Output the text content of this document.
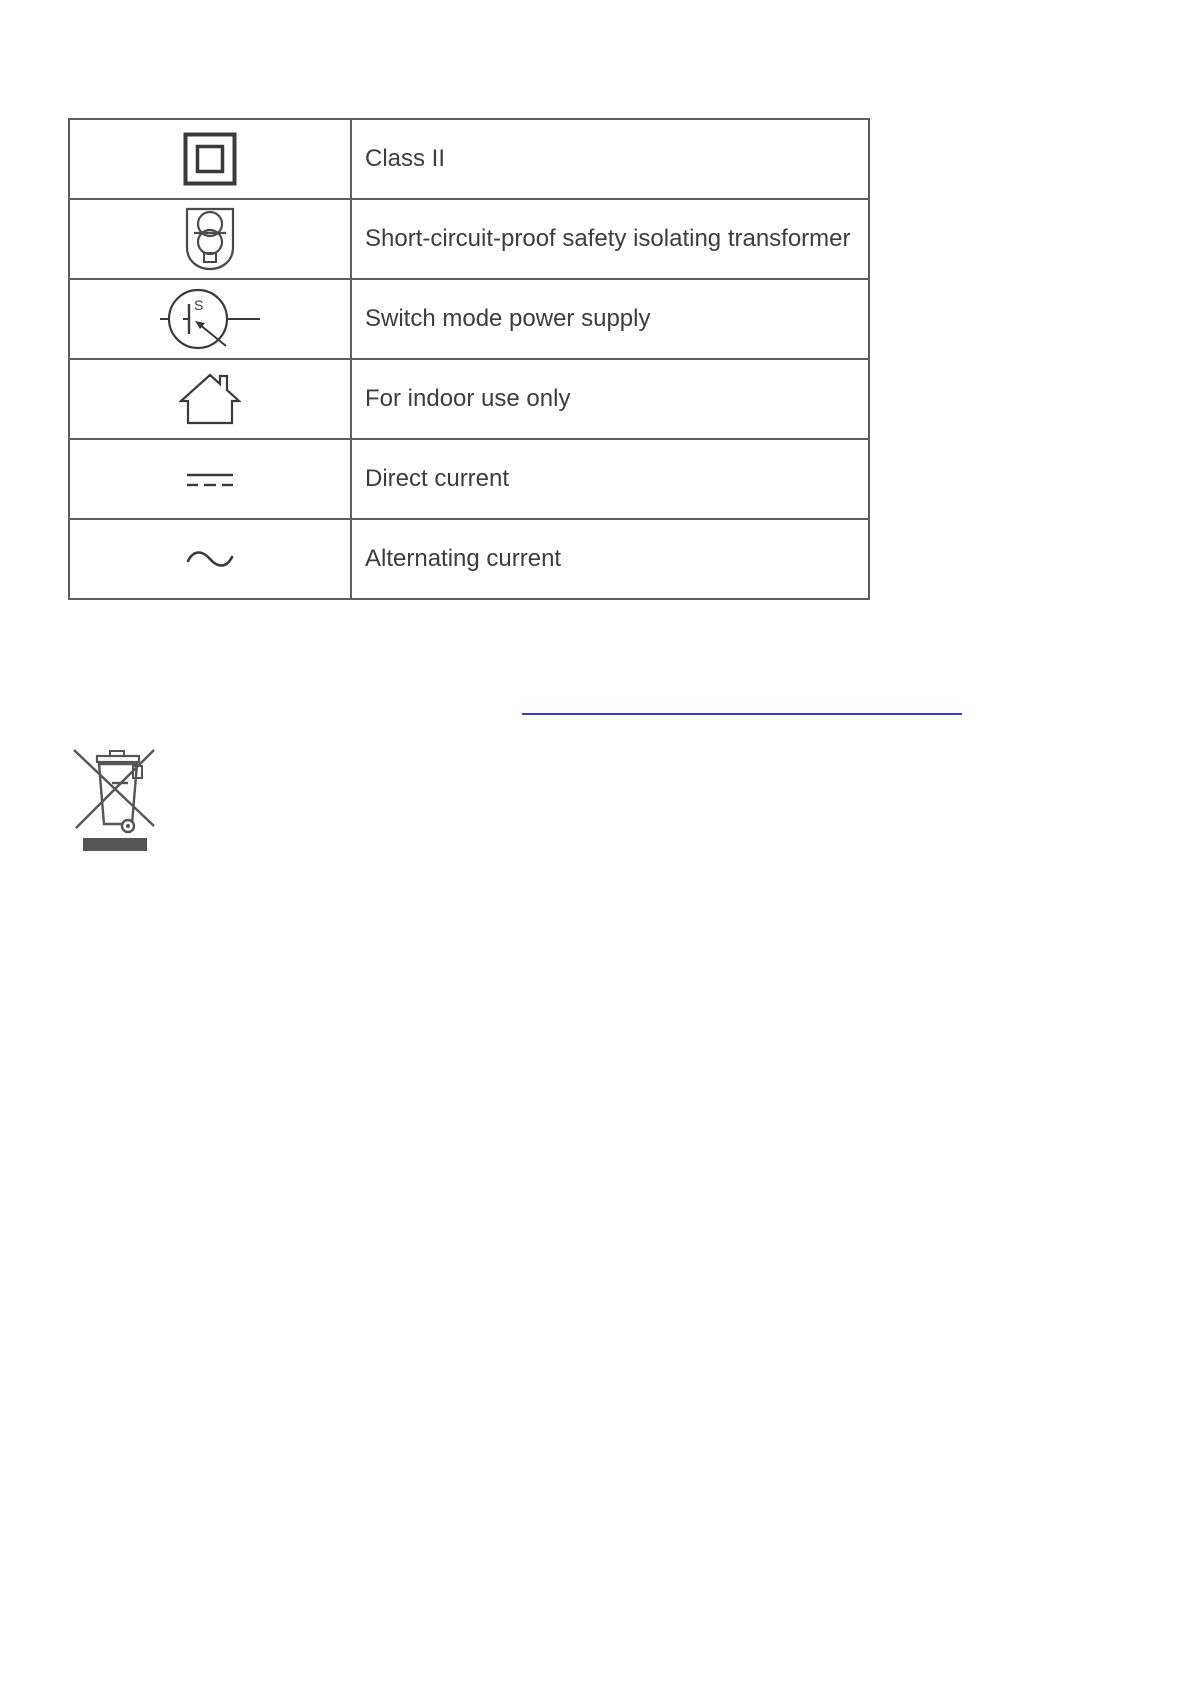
	Class II

	Short-circuit-proof safety isolating transformer

S	Switch mode power supply

	For indoor use only

	Direct current

	Alternating current
